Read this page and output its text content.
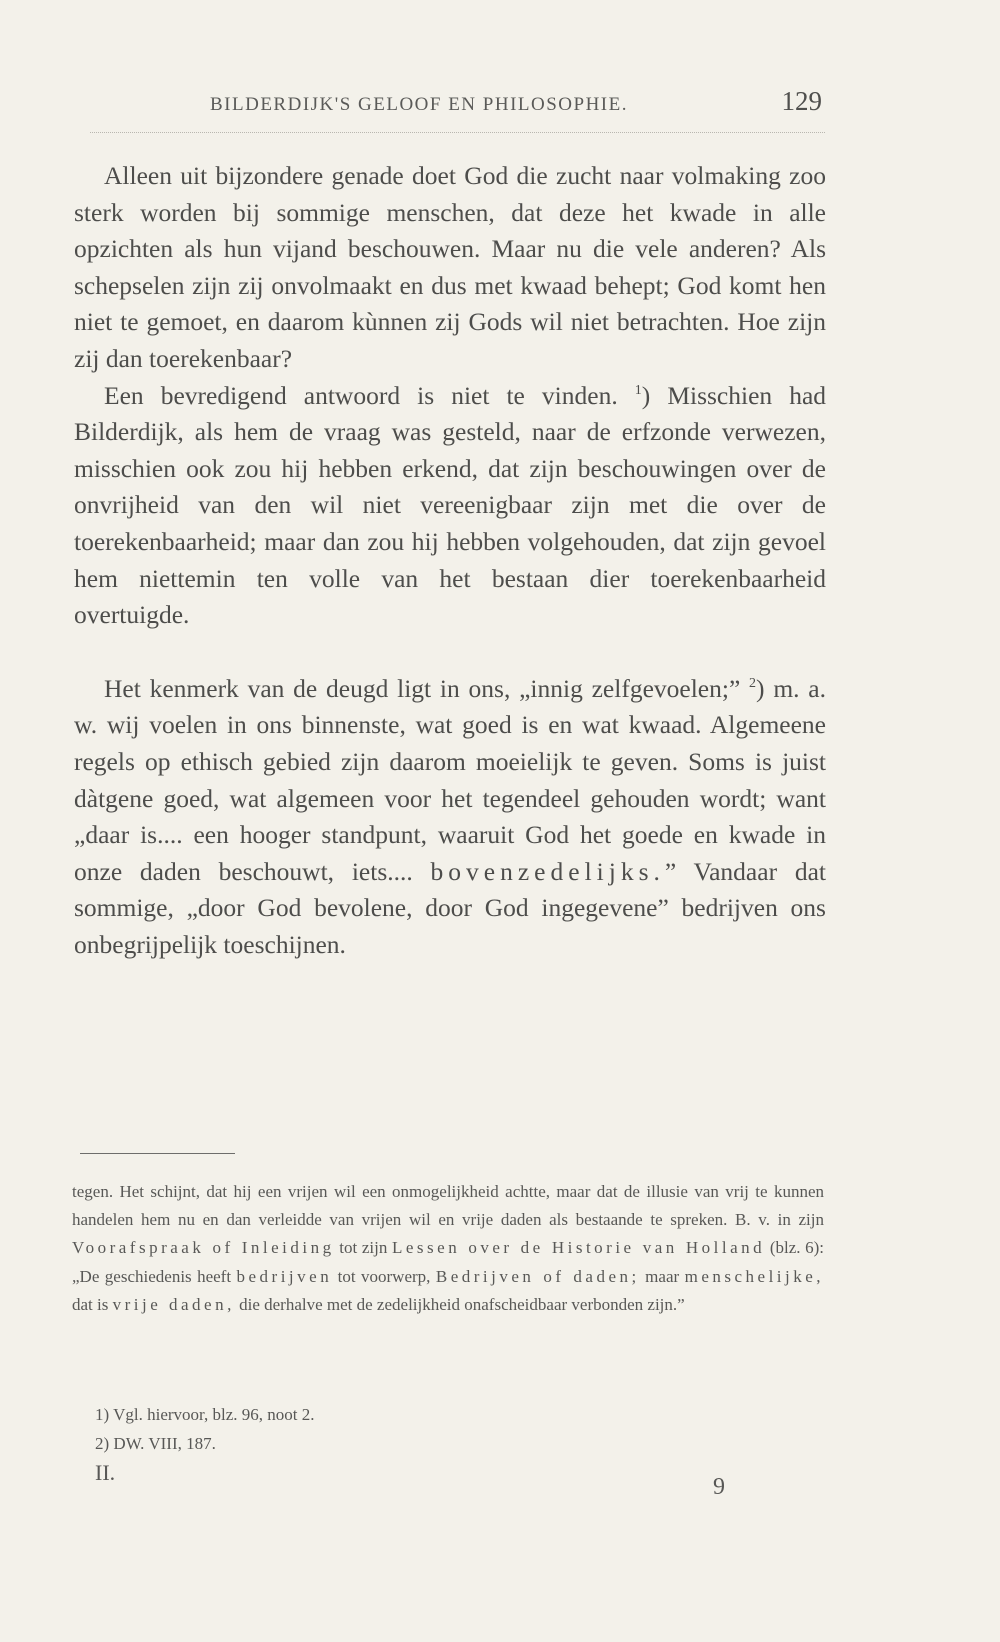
BILDERDIJK'S GELOOF EN PHILOSOPHIE.	129

Alleen uit bijzondere genade doet God die zucht naar volmaking zoo sterk worden bij sommige menschen, dat deze het kwade in alle opzichten als hun vijand beschouwen. Maar nu die vele anderen? Als schepselen zijn zij onvolmaakt en dus met kwaad behept; God komt hen niet te gemoet, en daarom kùnnen zij Gods wil niet betrachten. Hoe zijn zij dan toerekenbaar?

Een bevredigend antwoord is niet te vinden. $^1$) Misschien had Bilderdijk, als hem de vraag was gesteld, naar de erfzonde verwezen, misschien ook zou hij hebben erkend, dat zijn beschouwingen over de onvrijheid van den wil niet vereenigbaar zijn met die over de toerekenbaarheid; maar dan zou hij hebben volgehouden, dat zijn gevoel hem niettemin ten volle van het bestaan dier toerekenbaarheid overtuigde.

Het kenmerk van de deugd ligt in ons, „innig zelfgevoelen;” $^2$) m. a. w. wij voelen in ons binnenste, wat goed is en wat kwaad. Algemeene regels op ethisch gebied zijn daarom moeielijk te geven. Soms is juist dàtgene goed, wat algemeen voor het tegendeel gehouden wordt; want „daar is.... een hooger standpunt, waaruit God het goede en kwade in onze daden beschouwt, iets.... bovenzedelijks.” Vandaar dat sommige, „door God bevolene, door God ingegevene” bedrijven ons onbegrijpelijk toeschijnen.

tegen. Het schijnt, dat hij een vrijen wil een onmogelijkheid achtte, maar dat de illusie van vrij te kunnen handelen hem nu en dan verleidde van vrijen wil en vrije daden als bestaande te spreken. B. v. in zijn Voorafspraak of Inleiding tot zijn Lessen over de Historie van Holland (blz. 6): „De geschiedenis heeft bedrijven tot voorwerp, Bedrijven of daden; maar menschelijke, dat is vrije daden, die derhalve met de zedelijkheid onafscheidbaar verbonden zijn.”

1) Vgl. hiervoor, blz. 96, noot 2.
2) DW. VIII, 187.
II.
9
